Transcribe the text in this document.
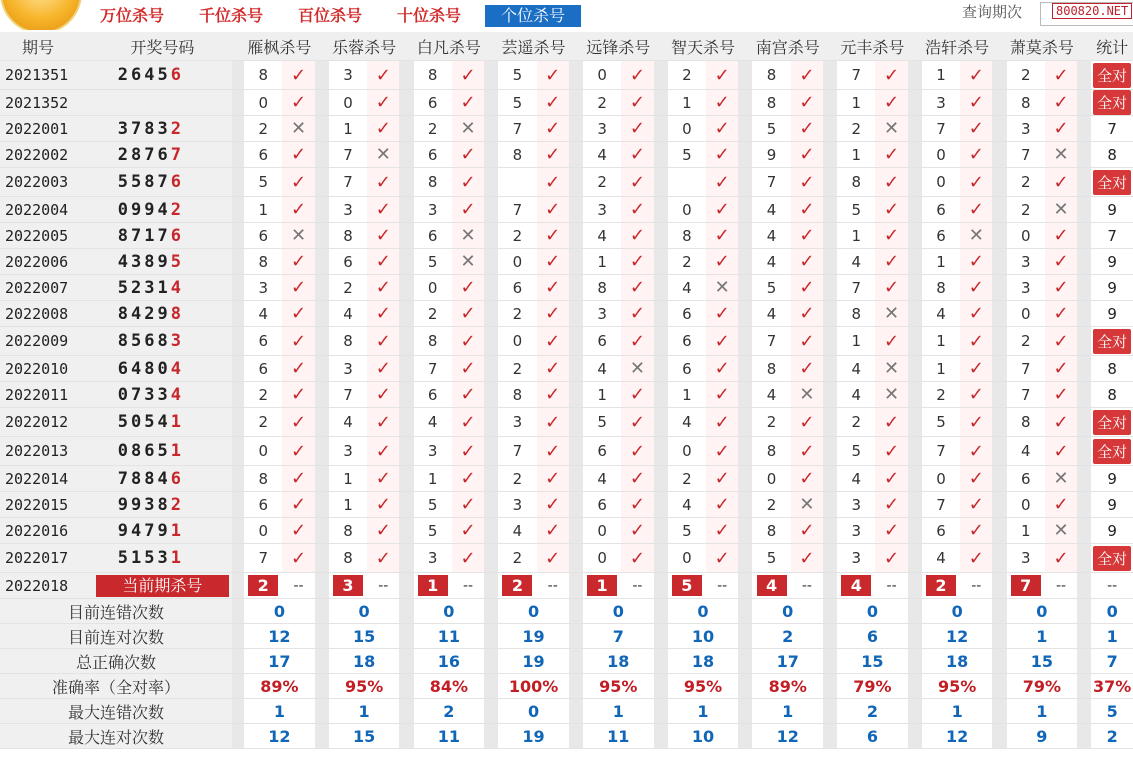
万位杀号 千位杀号 百位杀号 十位杀号	个位杀号	查询期次	800820.NET
期号	开奖号码		雁枫杀号			乐蓉杀号			白凡杀号			芸遥杀号			远锋杀号			智天杀号			南宫杀号			元丰杀号			浩轩杀号			萧莫杀号			统计
2021351	26456		8	✓		3	✓		8	✓		5	✓		0	✓		2	✓		8	✓		7	✓		1	✓		2	✓		全对
2021352			0	✓		0	✓		6	✓		5	✓		2	✓		1	✓		8	✓		1	✓		3	✓		8	✓		全对
2022001	37832		2	✕		1	✓		2	✕		7	✓		3	✓		0	✓		5	✓		2	✕		7	✓		3	✓		7
2022002	28767		6	✓		7	✕		6	✓		8	✓		4	✓		5	✓		9	✓		1	✓		0	✓		7	✕		8
2022003	55876		5	✓		7	✓		8	✓			✓		2	✓			✓		7	✓		8	✓		0	✓		2	✓		全对
2022004	09942		1	✓		3	✓		3	✓		7	✓		3	✓		0	✓		4	✓		5	✓		6	✓		2	✕		9
2022005	87176		6	✕		8	✓		6	✕		2	✓		4	✓		8	✓		4	✓		1	✓		6	✕		0	✓		7
2022006	43895		8	✓		6	✓		5	✕		0	✓		1	✓		2	✓		4	✓		4	✓		1	✓		3	✓		9
2022007	52314		3	✓		2	✓		0	✓		6	✓		8	✓		4	✕		5	✓		7	✓		8	✓		3	✓		9
2022008	84298		4	✓		4	✓		2	✓		2	✓		3	✓		6	✓		4	✓		8	✕		4	✓		0	✓		9
2022009	85683		6	✓		8	✓		8	✓		0	✓		6	✓		6	✓		7	✓		1	✓		1	✓		2	✓		全对
2022010	64804		6	✓		3	✓		7	✓		2	✓		4	✕		6	✓		8	✓		4	✕		1	✓		7	✓		8
2022011	07334		2	✓		7	✓		6	✓		8	✓		1	✓		1	✓		4	✕		4	✕		2	✓		7	✓		8
2022012	50541		2	✓		4	✓		4	✓		3	✓		5	✓		4	✓		2	✓		2	✓		5	✓		8	✓		全对
2022013	08651		0	✓		3	✓		3	✓		7	✓		6	✓		0	✓		8	✓		5	✓		7	✓		4	✓		全对
2022014	78846		8	✓		1	✓		1	✓		2	✓		4	✓		2	✓		0	✓		4	✓		0	✓		6	✕		9
2022015	99382		6	✓		1	✓		5	✓		3	✓		6	✓		4	✓		2	✕		3	✓		7	✓		0	✓		9
2022016	94791		0	✓		8	✓		5	✓		4	✓		0	✓		5	✓		8	✓		3	✓		6	✓		1	✕		9
2022017	51531		7	✓		8	✓		3	✓		2	✓		0	✓		0	✓		5	✓		3	✓		4	✓		3	✓		全对
2022018	当前期杀号		2	--		3	--		1	--		2	--		1	--		5	--		4	--		4	--		2	--		7	--		--
目前连错次数			0			0			0			0			0			0			0			0			0			0			0
目前连对次数			12			15			11			19			7			10			2			6			12			1			1
总正确次数			17			18			16			19			18			18			17			15			18			15			7
准确率（全对率）			89%			95%			84%			100%			95%			95%			89%			79%			95%			79%			37%
最大连错次数			1			1			2			0			1			1			1			2			1			1			5
最大连对次数			12			15			11			19			11			10			12			6			12			9			2
